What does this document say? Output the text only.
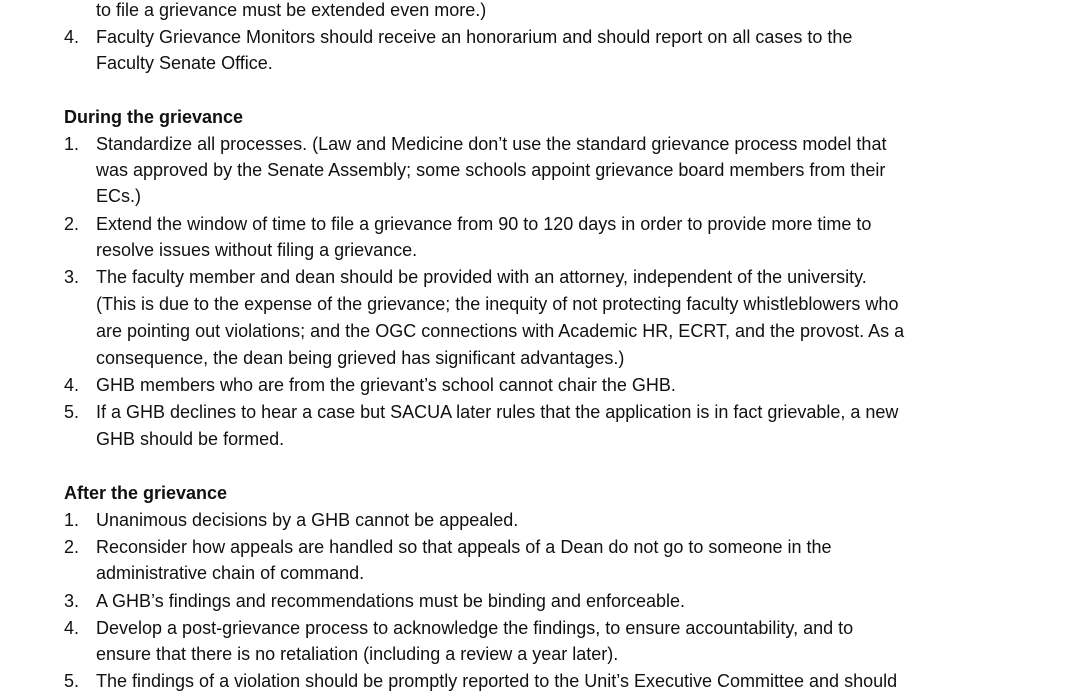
to file a grievance must be extended even more.)
4. Faculty Grievance Monitors should receive an honorarium and should report on all cases to the
Faculty Senate Office.
During the grievance
1. Standardize all processes. (Law and Medicine don’t use the standard grievance process model that
was approved by the Senate Assembly; some schools appoint grievance board members from their
ECs.)
2. Extend the window of time to file a grievance from 90 to 120 days in order to provide more time to
resolve issues without filing a grievance.
3. The faculty member and dean should be provided with an attorney, independent of the university.
(This is due to the expense of the grievance; the inequity of not protecting faculty whistleblowers who
are pointing out violations; and the OGC connections with Academic HR, ECRT, and the provost. As a
consequence, the dean being grieved has significant advantages.)
4. GHB members who are from the grievant’s school cannot chair the GHB.
5. If a GHB declines to hear a case but SACUA later rules that the application is in fact grievable, a new
GHB should be formed.
After the grievance
1. Unanimous decisions by a GHB cannot be appealed.
2. Reconsider how appeals are handled so that appeals of a Dean do not go to someone in the
administrative chain of command.
3. A GHB’s findings and recommendations must be binding and enforceable.
4. Develop a post-grievance process to acknowledge the findings, to ensure accountability, and to
ensure that there is no retaliation (including a review a year later).
5. The findings of a violation should be promptly reported to the Unit’s Executive Committee and should
